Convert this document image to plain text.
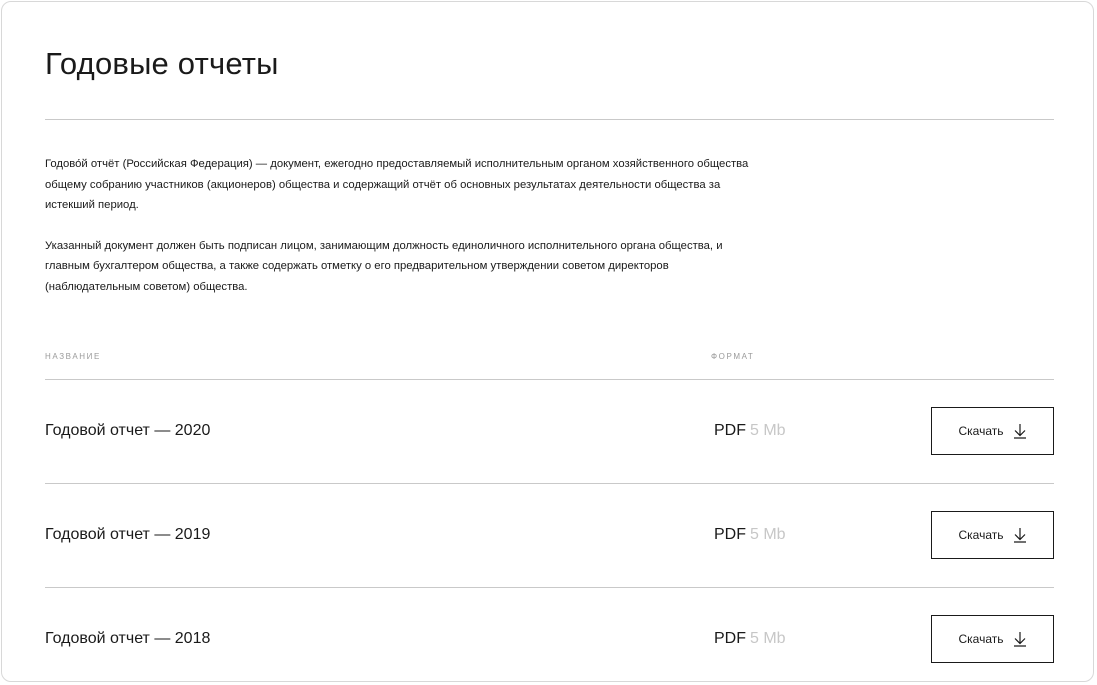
Годовые отчеты

Годово́й отчёт (Российская Федерация) — документ, ежегодно предоставляемый исполнительным органом хозяйственного общества общему собранию участников (акционеров) общества и содержащий отчёт об основных результатах деятельности общества за истекший период.

Указанный документ должен быть подписан лицом, занимающим должность единоличного исполнительного органа общества, и главным бухгалтером общества, а также содержать отметку о его предварительном утверждении советом директоров (наблюдательным советом) общества.

НАЗВАНИЕ	ФОРМАТ
Годовой отчет — 2020	PDF 5 Mb	Скачать
Годовой отчет — 2019	PDF 5 Mb	Скачать
Годовой отчет — 2018	PDF 5 Mb	Скачать
